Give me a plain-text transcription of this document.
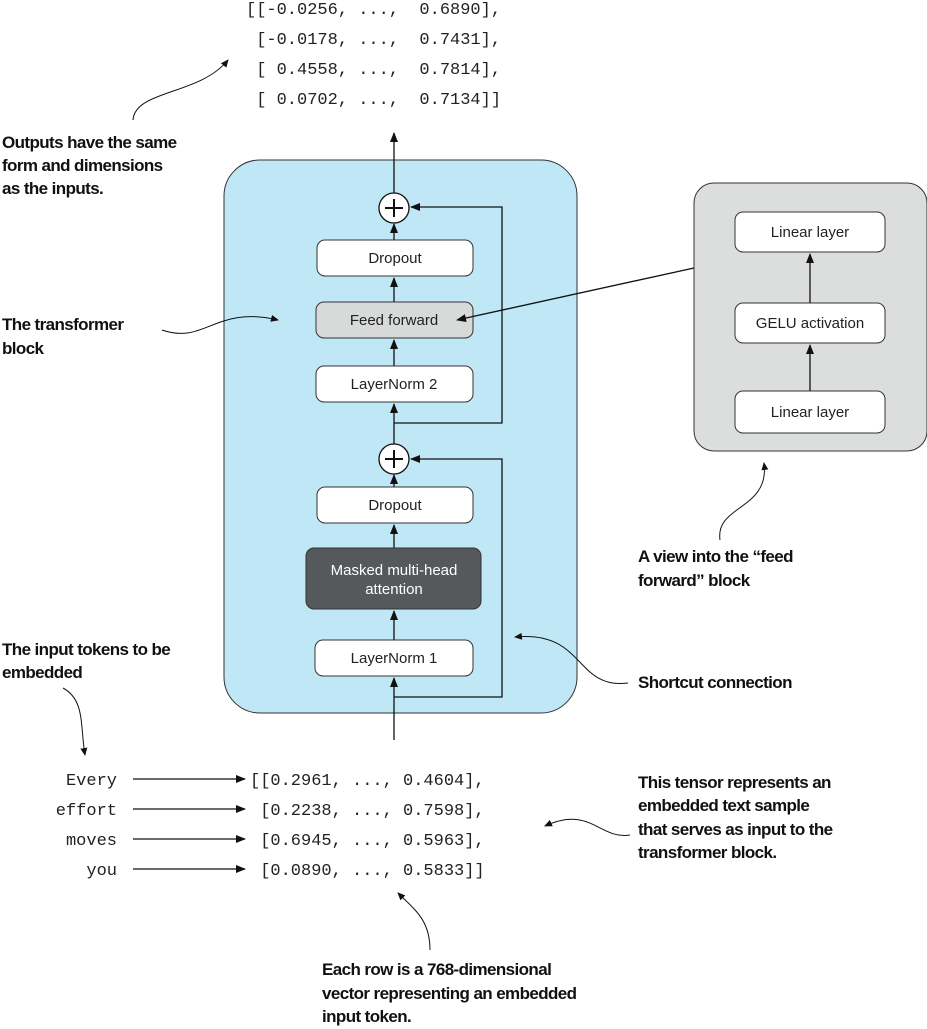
[[-0.0256, ...,  0.6890],
[-0.0178, ...,  0.7431],
[ 0.4558, ...,  0.7814],
[ 0.0702, ...,  0.7134]]
Dropout
Feed forward
LayerNorm 2
Dropout
Masked multi-head
attention
LayerNorm 1
Linear layer
GELU activation
Linear layer
Every
effort
moves
you
[[0.2961, ..., 0.4604],
[0.2238, ..., 0.7598],
[0.6945, ..., 0.5963],
[0.0890, ..., 0.5833]]
Outputs have the same
form and dimensions
as the inputs.
The transformer
block
The input tokens to be
embedded
A view into the “feed
forward” block
Shortcut connection
This tensor represents an
embedded text sample
that serves as input to the
transformer block.
Each row is a 768-dimensional
vector representing an embedded
input token.
